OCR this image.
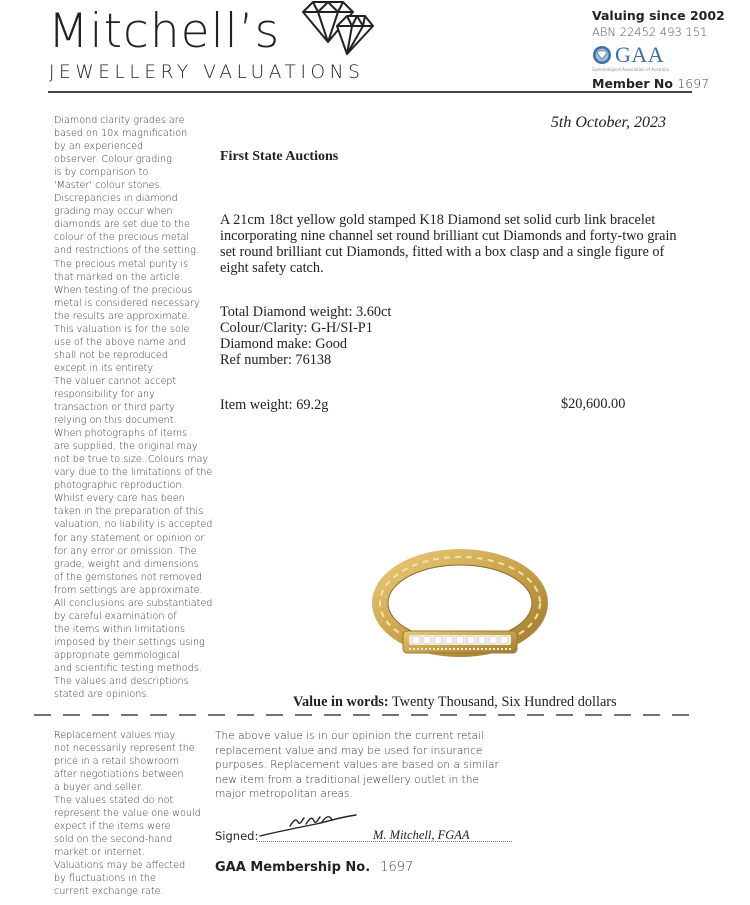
Mitchell’s
JEWELLERY VALUATIONS
Valuing since 2002
ABN 22452 493 151
GAA
Gemmological Association of Australia
Member No 1697
Diamond clarity grades are
based on 10x magnification
by an experienced
observer. Colour grading
is by comparison to
'Master' colour stones.
Discrepancies in diamond
grading may occur when
diamonds are set due to the
colour of the precious metal
and restrictions of the setting.
The precious metal purity is
that marked on the article.
When testing of the precious
metal is considered necessary
the results are approximate.
This valuation is for the sole
use of the above name and
shall not be reproduced
except in its entirety.
The valuer cannot accept
responsibility for any
transaction or third party
relying on this document.
When photographs of items
are supplied, the original may
not be true to size. Colours may
vary due to the limitations of the
photographic reproduction.
Whilst every care has been
taken in the preparation of this
valuation, no liability is accepted
for any statement or opinion or
for any error or omission. The
grade, weight and dimensions
of the gemstones not removed
from settings are approximate.
All conclusions are substantiated
by careful examination of
the items within limitations
imposed by their settings using
appropriate gemmological
and scientific testing methods.
The values and descriptions
stated are opinions.
5th October, 2023
First State Auctions
A 21cm 18ct yellow gold stamped K18 Diamond set solid curb link bracelet incorporating nine channel set round brilliant cut Diamonds and forty-two grain set round brilliant cut Diamonds, fitted with a box clasp and a single figure of eight safety catch.
Total Diamond weight: 3.60ct
Colour/Clarity: G-H/SI-P1
Diamond make: Good
Ref number: 76138
Item weight: 69.2g	$20,600.00
Value in words: Twenty Thousand, Six Hundred dollars
Replacement values may
not necessarily represent the
price in a retail showroom
after negotiations between
a buyer and seller.
The values stated do not
represent the value one would
expect if the items were
sold on the second-hand
market or internet.
Valuations may be affected
by fluctuations in the
current exchange rate.
The above value is in our opinion the current retail
replacement value and may be used for insurance
purposes. Replacement values are based on a similar
new item from a traditional jewellery outlet in the
major metropolitan areas.
Signed:	M. Mitchell, FGAA
GAA Membership No. 1697
